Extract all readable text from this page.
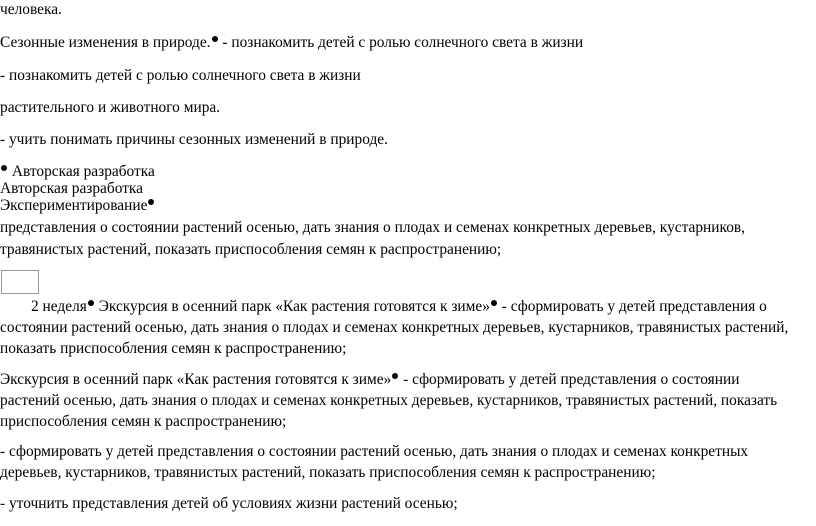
человека.
Сезонные изменения в природе. - познакомить детей с ролью солнечного света в жизни
- познакомить детей с ролью солнечного света в жизни
растительного и животного мира.
- учить понимать причины сезонных изменений в природе.
Авторская разработка
Авторская разработка
Экспериментирование
представления о состоянии растений осенью, дать знания о плодах и семенах конкретных деревьев, кустарников,
травянистых растений, показать приспособления семян к распространению;
2 неделя Экскурсия в осенний парк «Как растения готовятся к зиме» - сформировать у детей представления о
состоянии растений осенью, дать знания о плодах и семенах конкретных деревьев, кустарников, травянистых растений,
показать приспособления семян к распространению;
Экскурсия в осенний парк «Как растения готовятся к зиме» - сформировать у детей представления о состоянии
растений осенью, дать знания о плодах и семенах конкретных деревьев, кустарников, травянистых растений, показать
приспособления семян к распространению;
- сформировать у детей представления о состоянии растений осенью, дать знания о плодах и семенах конкретных
деревьев, кустарников, травянистых растений, показать приспособления семян к распространению;
- уточнить представления детей об условиях жизни растений осенью;
